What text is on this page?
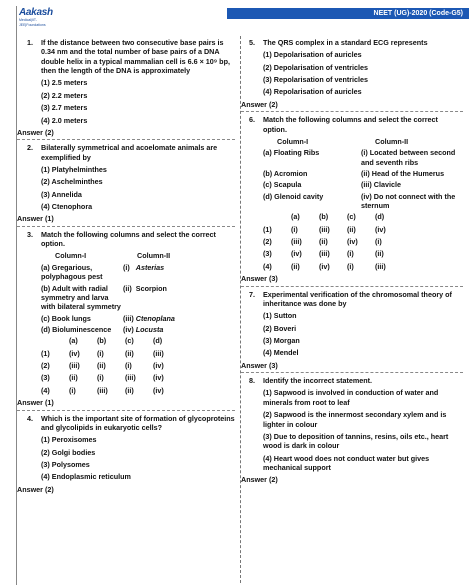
Aakash
Medical|IIT-JEE|Foundations
NEET (UG)-2020 (Code-G5)
1. If the distance between two consecutive base pairs is 0.34 nm and the total number of base pairs of a DNA double helix in a typical mammalian cell is 6.6 × 10⁹ bp, then the length of the DNA is approximately
(1) 2.5 meters
(2) 2.2 meters
(3) 2.7 meters
(4) 2.0 meters
Answer (2)
2. Bilaterally symmetrical and acoelomate animals are exemplified by
(1) Platyhelminthes
(2) Aschelminthes
(3) Annelida
(4) Ctenophora
Answer (1)
3. Match the following columns and select the correct option.
Column-I	Column-II	
(a) Gregarious, polyphagous pest	(i)	Asterias
(b) Adult with radial symmetry and larva with bilateral symmetry	(ii)	Scorpion
(c) Book lungs	(iii)	Ctenoplana
(d) Bioluminescence	(iv)	Locusta
(a)	(b)	(c)	(d)
(1)	(iv)	(i)	(ii)	(iii)
(2)	(iii)	(ii)	(i)	(iv)
(3)	(ii)	(i)	(iii)	(iv)
(4)	(i)	(iii)	(ii)	(iv)
Answer (1)
4. Which is the important site of formation of glycoproteins and glycolipids in eukaryotic cells?
(1) Peroxisomes
(2) Golgi bodies
(3) Polysomes
(4) Endoplasmic reticulum
Answer (2)
5. The QRS complex in a standard ECG represents
(1) Depolarisation of auricles
(2) Depolarisation of ventricles
(3) Repolarisation of ventricles
(4) Repolarisation of auricles
Answer (2)
6. Match the following columns and select the correct option.
Column-I	Column-II
(a) Floating Ribs	(i) Located between second and seventh ribs
(b) Acromion	(ii) Head of the Humerus
(c) Scapula	(iii) Clavicle
(d) Glenoid cavity	(iv) Do not connect with the sternum
(a)	(b)	(c)	(d)
(1)	(i)	(iii)	(ii)	(iv)
(2)	(iii)	(ii)	(iv)	(i)
(3)	(iv)	(iii)	(i)	(ii)
(4)	(ii)	(iv)	(i)	(iii)
Answer (3)
7. Experimental verification of the chromosomal theory of inheritance was done by
(1) Sutton
(2) Boveri
(3) Morgan
(4) Mendel
Answer (3)
8. Identify the incorrect statement.
(1) Sapwood is involved in conduction of water and minerals from root to leaf
(2) Sapwood is the innermost secondary xylem and is lighter in colour
(3) Due to deposition of tannins, resins, oils etc., heart wood is dark in colour
(4) Heart wood does not conduct water but gives mechanical support
Answer (2)
